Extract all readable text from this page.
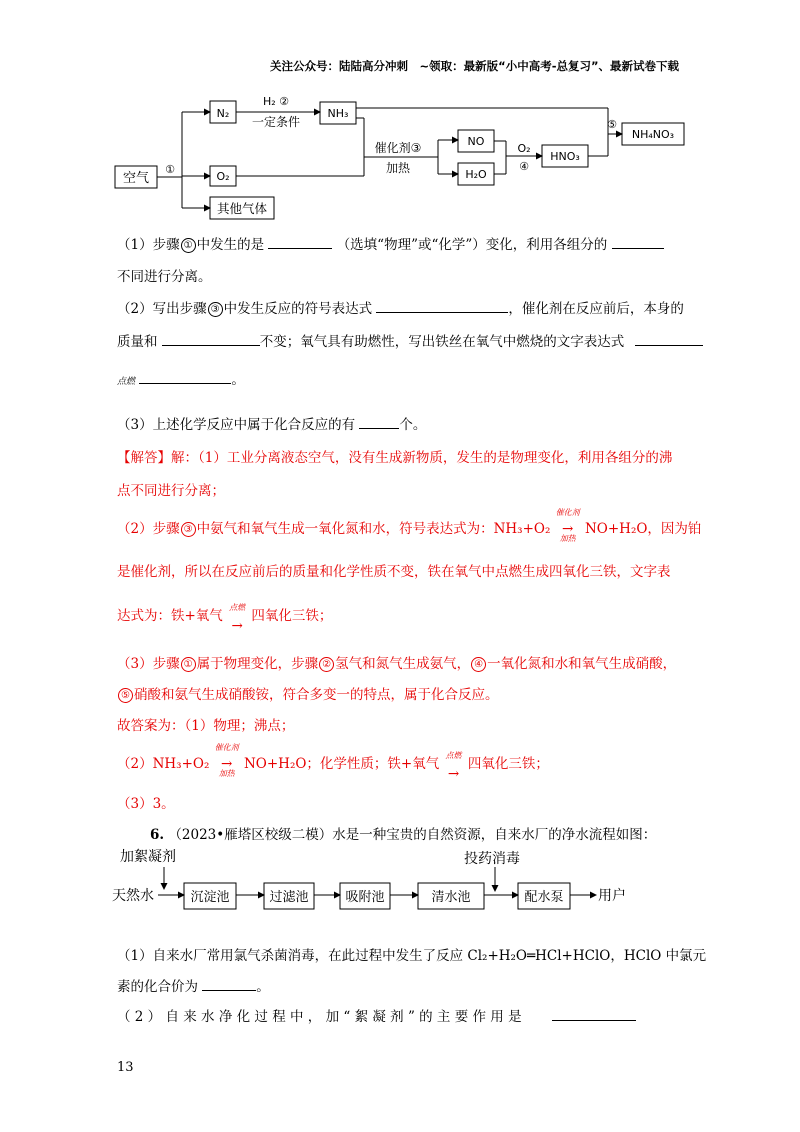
关注公众号：陆陆高分冲刺　~领取：最新版“小中高考-总复习”、最新试卷下载
空气
①
N₂
O₂
其他气体
H₂ ②
一定条件
NH₃
催化剂③
加热
NO
H₂O
O₂
④
HNO₃
⑤
NH₄NO₃
（1）步骤 ① 中发生的是	（选填“物理”或“化学”）变化，利用各组分的
不同进行分离。
（2）写出步骤 ③ 中发生反应的符号表达式	，催化剂在反应前后，本身的
质量和	不变；氧气具有助燃性，写出铁丝在氧气中燃烧的文字表达式
点燃	。
（3）上述化学反应中属于化合反应的有	个。
【解答】解：（1）工业分离液态空气，没有生成新物质，发生的是物理变化，利用各组分的沸
点不同进行分离；
（2）步骤 ③ 中氨气和氧气生成一氧化氮和水，符号表达式为：NH₃+O₂
催化剂
→
加热
NO+H₂O，因为铂
是催化剂，所以在反应前后的质量和化学性质不变，铁在氧气中点燃生成四氧化三铁，文字表
达式为：铁+氧气
点燃
→ 四氧化三铁；
（3）步骤 ① 属于物理变化，步骤 ② 氢气和氮气生成氨气， ④ 一氧化氮和水和氧气生成硝酸，
⑤ 硝酸和氨气生成硝酸铵，符合多变一的特点，属于化合反应。
故答案为：（1）物理；沸点；
（2）NH₃+O₂
催化剂
→
加热
NO+H₂O；化学性质；铁+氧气
点燃
→ 四氧化三铁；
（3）3。
6. （2023•雁塔区校级二模）水是一种宝贵的自然资源，自来水厂的净水流程如图：
加絮凝剂
天然水
投药消毒
用户
沉淀池	过滤池	吸附池	清水池	配水泵
（1）自来水厂常用氯气杀菌消毒，在此过程中发生了反应 Cl₂+H₂O═HCl+HClO，HClO 中氯元
素的化合价为	。
（ 2 ） 自 来 水 净 化 过 程 中 ， 加 “ 絮 凝 剂 ” 的 主 要 作 用 是
13
